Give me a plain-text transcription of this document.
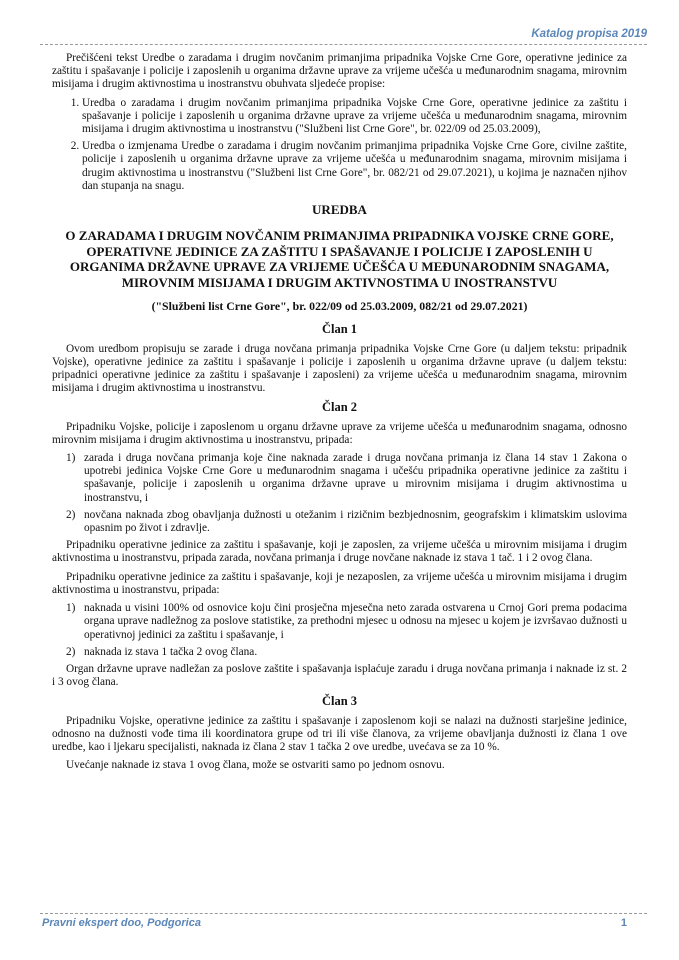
Katalog propisa 2019

Prečišćeni tekst Uredbe o zaradama i drugim novčanim primanjima pripadnika Vojske Crne Gore, operativne jedinice za zaštitu i spašavanje i policije i zaposlenih u organima državne uprave za vrijeme učešća u međunarodnim snagama, mirovnim misijama i drugim aktivnostima u inostranstvu obuhvata sljedeće propise:

1. Uredba o zaradama i drugim novčanim primanjima pripadnika Vojske Crne Gore, operativne jedinice za zaštitu i spašavanje i policije i zaposlenih u organima državne uprave za vrijeme učešća u međunarodnim snagama, mirovnim misijama i drugim aktivnostima u inostranstvu ("Službeni list Crne Gore", br. 022/09 od 25.03.2009),
2. Uredba o izmjenama Uredbe o zaradama i drugim novčanim primanjima pripadnika Vojske Crne Gore, civilne zaštite, policije i zaposlenih u organima državne uprave za vrijeme učešća u međunarodnim snagama, mirovnim misijama i drugim aktivnostima u inostranstvu ("Službeni list Crne Gore", br. 082/21 od 29.07.2021), u kojima je naznačen njihov dan stupanja na snagu.
UREDBA
O ZARADAMA I DRUGIM NOVČANIM PRIMANJIMA PRIPADNIKA VOJSKE CRNE GORE, OPERATIVNE JEDINICE ZA ZAŠTITU I SPAŠAVANJE I POLICIJE I ZAPOSLENIH U ORGANIMA DRŽAVNE UPRAVE ZA VRIJEME UČEŠĆA U MEĐUNARODNIM SNAGAMA, MIROVNIM MISIJAMA I DRUGIM AKTIVNOSTIMA U INOSTRANSTVU
("Službeni list Crne Gore", br. 022/09 od 25.03.2009, 082/21 od 29.07.2021)
Član 1

Ovom uredbom propisuju se zarade i druga novčana primanja pripadnika Vojske Crne Gore (u daljem tekstu: pripadnik Vojske), operativne jedinice za zaštitu i spašavanje i policije i zaposlenih u organima državne uprave (u daljem tekstu: pripadnici operativne jedinice za zaštitu i spašavanje i zaposleni) za vrijeme učešća u međunarodnim snagama, mirovnim misijama i drugim aktivnostima u inostranstvu.

Član 2

Pripadniku Vojske, policije i zaposlenom u organu državne uprave za vrijeme učešća u međunarodnim snagama, odnosno mirovnim misijama i drugim aktivnostima u inostranstvu, pripada:

1) zarada i druga novčana primanja koje čine naknada zarade i druga novčana primanja iz člana 14 stav 1 Zakona o upotrebi jedinica Vojske Crne Gore u međunarodnim snagama i učešću pripadnika operativne jedinice za zaštitu i spašavanje, policije i zaposlenih u organima državne uprave u mirovnim misijama i drugim aktivnostima u inostranstvu, i
2) novčana naknada zbog obavljanja dužnosti u otežanim i rizičnim bezbjednosnim, geografskim i klimatskim uslovima opasnim po život i zdravlje.

Pripadniku operativne jedinice za zaštitu i spašavanje, koji je zaposlen, za vrijeme učešća u mirovnim misijama i drugim aktivnostima u inostranstvu, pripada zarada, novčana primanja i druge novčane naknade iz stava 1 tač. 1 i 2 ovog člana.

Pripadniku operativne jedinice za zaštitu i spašavanje, koji je nezaposlen, za vrijeme učešća u mirovnim misijama i drugim aktivnostima u inostranstvu, pripada:

1) naknada u visini 100% od osnovice koju čini prosječna mjesečna neto zarada ostvarena u Crnoj Gori prema podacima organa uprave nadležnog za poslove statistike, za prethodni mjesec u odnosu na mjesec u kojem je izvršavao dužnosti u operativnoj jedinici za zaštitu i spašavanje, i
2) naknada iz stava 1 tačka 2 ovog člana.

Organ državne uprave nadležan za poslove zaštite i spašavanja isplaćuje zaradu i druga novčana primanja i naknade iz st. 2 i 3 ovog člana.

Član 3

Pripadniku Vojske, operativne jedinice za zaštitu i spašavanje i zaposlenom koji se nalazi na dužnosti starješine jedinice, odnosno na dužnosti vođe tima ili koordinatora grupe od tri ili više članova, za vrijeme obavljanja dužnosti iz člana 1 ove uredbe, kao i ljekaru specijalisti, naknada iz člana 2 stav 1 tačka 2 ove uredbe, uvećava se za 10 %.

Uvećanje naknade iz stava 1 ovog člana, može se ostvariti samo po jednom osnovu.

Pravni ekspert doo, Podgorica	1
